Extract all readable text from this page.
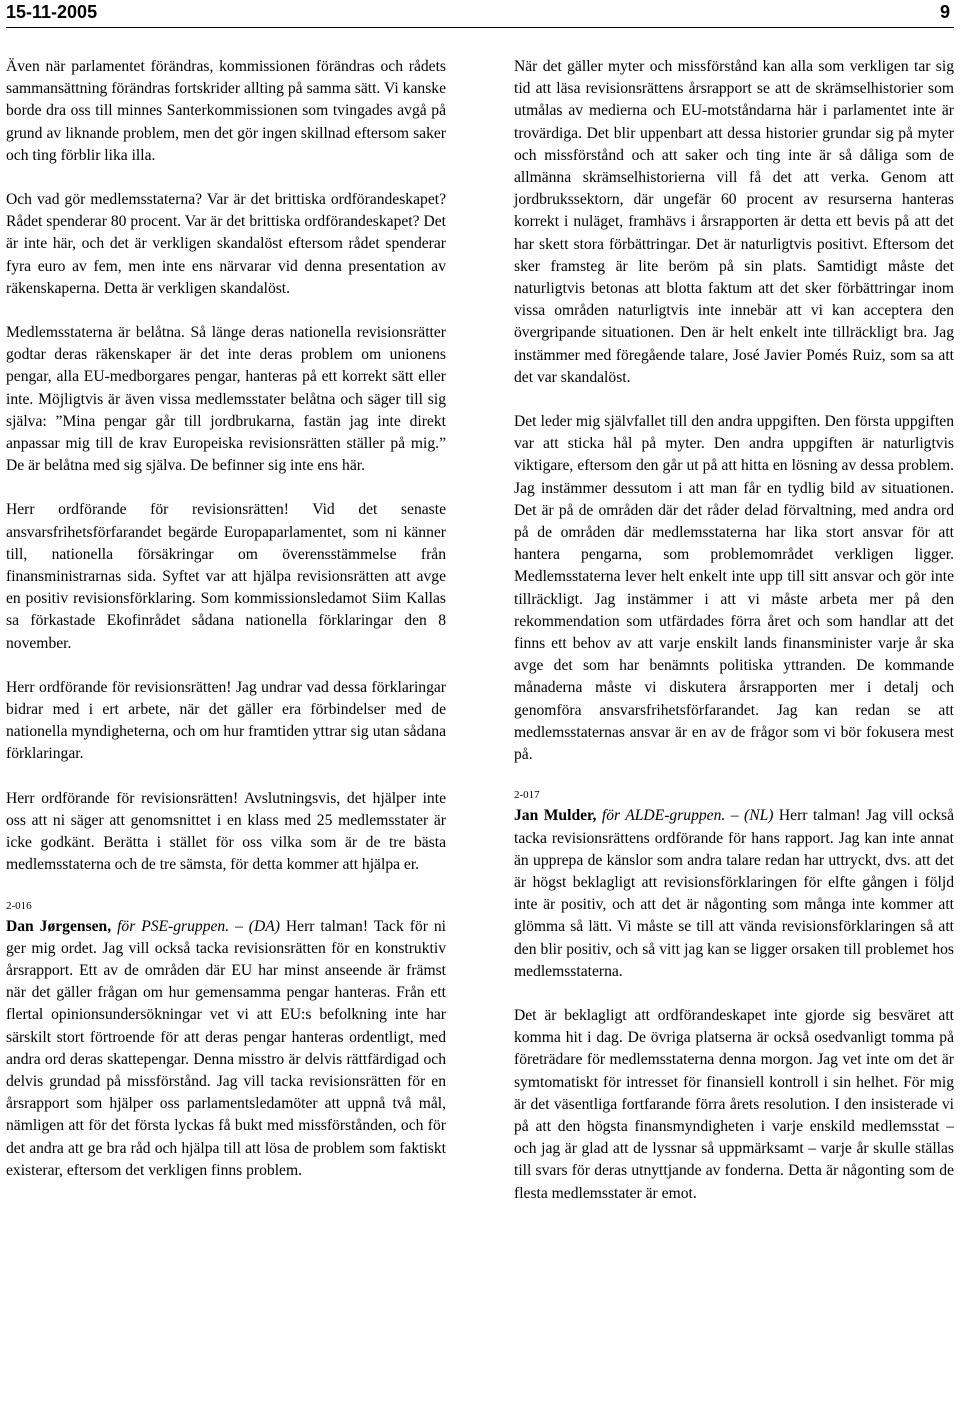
15-11-2005	9

Även när parlamentet förändras, kommissionen förändras och rådets sammansättning förändras fortskrider allting på samma sätt. Vi kanske borde dra oss till minnes Santerkommissionen som tvingades avgå på grund av liknande problem, men det gör ingen skillnad eftersom saker och ting förblir lika illa.

Och vad gör medlemsstaterna? Var är det brittiska ordförandeskapet? Rådet spenderar 80 procent. Var är det brittiska ordförandeskapet? Det är inte här, och det är verkligen skandalöst eftersom rådet spenderar fyra euro av fem, men inte ens närvarar vid denna presentation av räkenskaperna. Detta är verkligen skandalöst.

Medlemsstaterna är belåtna. Så länge deras nationella revisionsrätter godtar deras räkenskaper är det inte deras problem om unionens pengar, alla EU-medborgares pengar, hanteras på ett korrekt sätt eller inte. Möjligtvis är även vissa medlemsstater belåtna och säger till sig själva: ”Mina pengar går till jordbrukarna, fastän jag inte direkt anpassar mig till de krav Europeiska revisionsrätten ställer på mig.” De är belåtna med sig själva. De befinner sig inte ens här.

Herr ordförande för revisionsrätten! Vid det senaste ansvarsfrihetsförfarandet begärde Europaparlamentet, som ni känner till, nationella försäkringar om överensstämmelse från finansministrarnas sida. Syftet var att hjälpa revisionsrätten att avge en positiv revisionsförklaring. Som kommissionsledamot Siim Kallas sa förkastade Ekofinrådet sådana nationella förklaringar den 8 november.

Herr ordförande för revisionsrätten! Jag undrar vad dessa förklaringar bidrar med i ert arbete, när det gäller era förbindelser med de nationella myndigheterna, och om hur framtiden yttrar sig utan sådana förklaringar.

Herr ordförande för revisionsrätten! Avslutningsvis, det hjälper inte oss att ni säger att genomsnittet i en klass med 25 medlemsstater är icke godkänt. Berätta i stället för oss vilka som är de tre bästa medlemsstaterna och de tre sämsta, för detta kommer att hjälpa er.

2-016

Dan Jørgensen, för PSE-gruppen. – (DA) Herr talman! Tack för ni ger mig ordet. Jag vill också tacka revisionsrätten för en konstruktiv årsrapport. Ett av de områden där EU har minst anseende är främst när det gäller frågan om hur gemensamma pengar hanteras. Från ett flertal opinionsundersökningar vet vi att EU:s befolkning inte har särskilt stort förtroende för att deras pengar hanteras ordentligt, med andra ord deras skattepengar. Denna misstro är delvis rättfärdigad och delvis grundad på missförstånd. Jag vill tacka revisionsrätten för en årsrapport som hjälper oss parlamentsledamöter att uppnå två mål, nämligen att för det första lyckas få bukt med missförstånden, och för det andra att ge bra råd och hjälpa till att lösa de problem som faktiskt existerar, eftersom det verkligen finns problem.

När det gäller myter och missförstånd kan alla som verkligen tar sig tid att läsa revisionsrättens årsrapport se att de skrämselhistorier som utmålas av medierna och EU-motståndarna här i parlamentet inte är trovärdiga. Det blir uppenbart att dessa historier grundar sig på myter och missförstånd och att saker och ting inte är så dåliga som de allmänna skrämselhistorierna vill få det att verka. Genom att jordbrukssektorn, där ungefär 60 procent av resurserna hanteras korrekt i nuläget, framhävs i årsrapporten är detta ett bevis på att det har skett stora förbättringar. Det är naturligtvis positivt. Eftersom det sker framsteg är lite beröm på sin plats. Samtidigt måste det naturligtvis betonas att blotta faktum att det sker förbättringar inom vissa områden naturligtvis inte innebär att vi kan acceptera den övergripande situationen. Den är helt enkelt inte tillräckligt bra. Jag instämmer med föregående talare, José Javier Pomés Ruiz, som sa att det var skandalöst.

Det leder mig självfallet till den andra uppgiften. Den första uppgiften var att sticka hål på myter. Den andra uppgiften är naturligtvis viktigare, eftersom den går ut på att hitta en lösning av dessa problem. Jag instämmer dessutom i att man får en tydlig bild av situationen. Det är på de områden där det råder delad förvaltning, med andra ord på de områden där medlemsstaterna har lika stort ansvar för att hantera pengarna, som problemområdet verkligen ligger. Medlemsstaterna lever helt enkelt inte upp till sitt ansvar och gör inte tillräckligt. Jag instämmer i att vi måste arbeta mer på den rekommendation som utfärdades förra året och som handlar att det finns ett behov av att varje enskilt lands finansminister varje år ska avge det som har benämnts politiska yttranden. De kommande månaderna måste vi diskutera årsrapporten mer i detalj och genomföra ansvarsfrihetsförfarandet. Jag kan redan se att medlemsstaternas ansvar är en av de frågor som vi bör fokusera mest på.

2-017

Jan Mulder, för ALDE-gruppen. – (NL) Herr talman! Jag vill också tacka revisionsrättens ordförande för hans rapport. Jag kan inte annat än upprepa de känslor som andra talare redan har uttryckt, dvs. att det är högst beklagligt att revisionsförklaringen för elfte gången i följd inte är positiv, och att det är någonting som många inte kommer att glömma så lätt. Vi måste se till att vända revisionsförklaringen så att den blir positiv, och så vitt jag kan se ligger orsaken till problemet hos medlemsstaterna.

Det är beklagligt att ordförandeskapet inte gjorde sig besväret att komma hit i dag. De övriga platserna är också osedvanligt tomma på företrädare för medlemsstaterna denna morgon. Jag vet inte om det är symtomatiskt för intresset för finansiell kontroll i sin helhet. För mig är det väsentliga fortfarande förra årets resolution. I den insisterade vi på att den högsta finansmyndigheten i varje enskild medlemsstat – och jag är glad att de lyssnar så uppmärksamt – varje år skulle ställas till svars för deras utnyttjande av fonderna. Detta är någonting som de flesta medlemsstater är emot.
